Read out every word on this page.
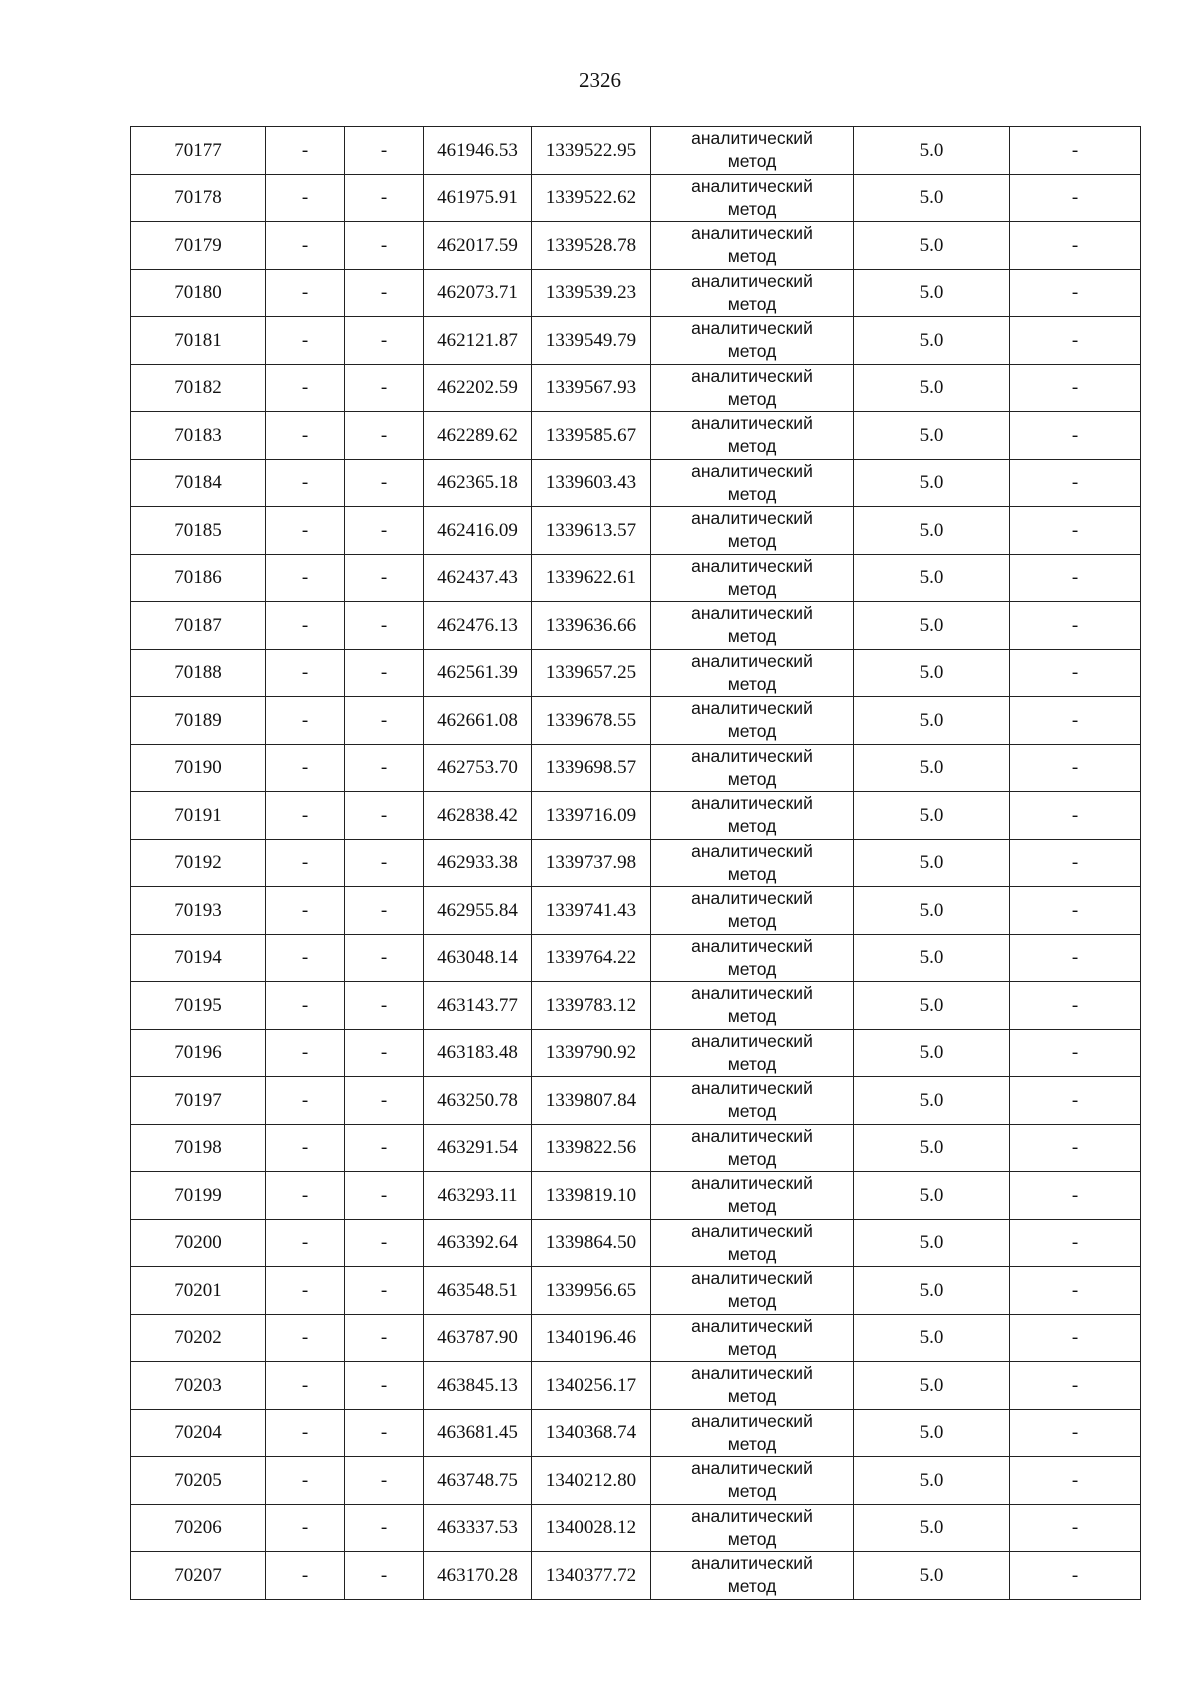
2326
70177	-	-	461946.53	1339522.95	аналитический метод	5.0	-
70178	-	-	461975.91	1339522.62	аналитический метод	5.0	-
70179	-	-	462017.59	1339528.78	аналитический метод	5.0	-
70180	-	-	462073.71	1339539.23	аналитический метод	5.0	-
70181	-	-	462121.87	1339549.79	аналитический метод	5.0	-
70182	-	-	462202.59	1339567.93	аналитический метод	5.0	-
70183	-	-	462289.62	1339585.67	аналитический метод	5.0	-
70184	-	-	462365.18	1339603.43	аналитический метод	5.0	-
70185	-	-	462416.09	1339613.57	аналитический метод	5.0	-
70186	-	-	462437.43	1339622.61	аналитический метод	5.0	-
70187	-	-	462476.13	1339636.66	аналитический метод	5.0	-
70188	-	-	462561.39	1339657.25	аналитический метод	5.0	-
70189	-	-	462661.08	1339678.55	аналитический метод	5.0	-
70190	-	-	462753.70	1339698.57	аналитический метод	5.0	-
70191	-	-	462838.42	1339716.09	аналитический метод	5.0	-
70192	-	-	462933.38	1339737.98	аналитический метод	5.0	-
70193	-	-	462955.84	1339741.43	аналитический метод	5.0	-
70194	-	-	463048.14	1339764.22	аналитический метод	5.0	-
70195	-	-	463143.77	1339783.12	аналитический метод	5.0	-
70196	-	-	463183.48	1339790.92	аналитический метод	5.0	-
70197	-	-	463250.78	1339807.84	аналитический метод	5.0	-
70198	-	-	463291.54	1339822.56	аналитический метод	5.0	-
70199	-	-	463293.11	1339819.10	аналитический метод	5.0	-
70200	-	-	463392.64	1339864.50	аналитический метод	5.0	-
70201	-	-	463548.51	1339956.65	аналитический метод	5.0	-
70202	-	-	463787.90	1340196.46	аналитический метод	5.0	-
70203	-	-	463845.13	1340256.17	аналитический метод	5.0	-
70204	-	-	463681.45	1340368.74	аналитический метод	5.0	-
70205	-	-	463748.75	1340212.80	аналитический метод	5.0	-
70206	-	-	463337.53	1340028.12	аналитический метод	5.0	-
70207	-	-	463170.28	1340377.72	аналитический метод	5.0	-
